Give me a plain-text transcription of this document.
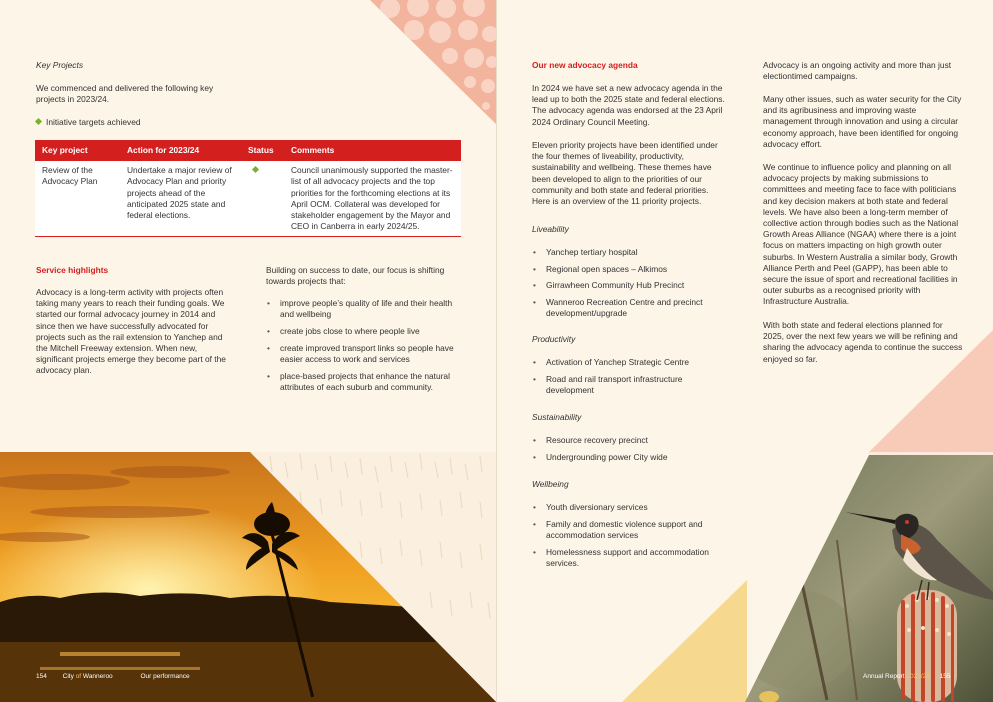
Key Projects
We commenced and delivered the following key projects in 2023/24.
Initiative targets achieved
Key project	Action for 2023/24	Status	Comments
Review of the Advocacy Plan	Undertake a major review of Advocacy Plan and priority projects ahead of the anticipated 2025 state and federal elections.		Council unanimously supported the master-list of all advocacy projects and the top priorities for the forthcoming elections at its April OCM. Collateral was developed for stakeholder engagement by the Mayor and CEO in Canberra in early 2024/25.
Service highlights
Advocacy is a long-term activity with projects often taking many years to reach their funding goals. We started our formal advocacy journey in 2014 and since then we have successfully advocated for projects such as the rail extension to Yanchep and the Mitchell Freeway extension. When new, significant projects emerge they become part of the advocacy plan.
Building on success to date, our focus is shifting towards projects that:
• improve people’s quality of life and their health and wellbeing
• create jobs close to where people live
• create improved transport links so people have easier access to work and services
• place-based projects that enhance the natural attributes of each suburb and community.
154 City of Wanneroo	Our performance
Our new advocacy agenda
In 2024 we have set a new advocacy agenda in the lead up to both the 2025 state and federal elections. The advocacy agenda was endorsed at the 23 April 2024 Ordinary Council Meeting.
Eleven priority projects have been identified under the four themes of liveability, productivity, sustainability and wellbeing. These themes have been developed to align to the priorities of our community and both state and federal priorities. Here is an overview of the 11 priority projects.
Liveability
• Yanchep tertiary hospital
• Regional open spaces – Alkimos
• Girrawheen Community Hub Precinct
• Wanneroo Recreation Centre and precinct development/upgrade
Productivity
• Activation of Yanchep Strategic Centre
• Road and rail transport infrastructure development
Sustainability
• Resource recovery precinct
• Undergrounding power City wide
Wellbeing
• Youth diversionary services
• Family and domestic violence support and accommodation services
• Homelessness support and accommodation services.
Advocacy is an ongoing activity and more than just electiontimed campaigns.
Many other issues, such as water security for the City and its agribusiness and improving waste management through innovation and using a circular economy approach, have been identified for ongoing advocacy effort.
We continue to influence policy and planning on all advocacy projects by making submissions to committees and meeting face to face with politicians and key decision makers at both state and federal levels. We have also been a long-term member of collective action through bodies such as the National Growth Areas Alliance (NGAA) where there is a joint focus on matters impacting on high growth outer suburbs. In Western Australia a similar body, Growth Alliance Perth and Peel (GAPP), has been able to secure the issue of sport and recreational facilities in outer suburbs as a recognised priority with Infrastructure Australia.
With both state and federal elections planned for 2025, over the next few years we will be refining and sharing the advocacy agenda to continue the success enjoyed so far.
Annual Report 2023/24 155
